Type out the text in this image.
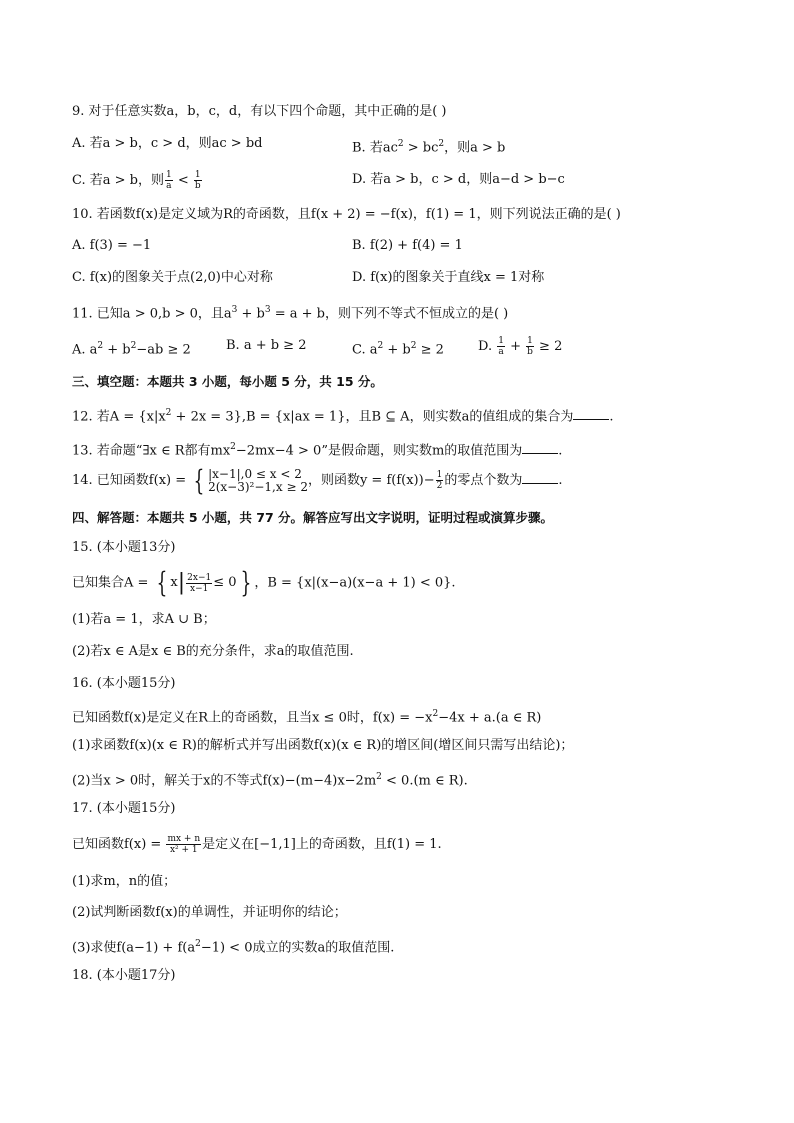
9. 对于任意实数a，b，c，d，有以下四个命题，其中正确的是( )
A. 若a > b，c > d，则ac > bd	B. 若$ac^2 > bc^2$，则a > b
C. 若a > b，则 $\frac{1}{a} < \frac{1}{b}$	D. 若a > b，c > d，则a−d > b−c
10. 若函数f(x)是定义域为R的奇函数，且f(x + 2) = −f(x)，f(1) = 1，则下列说法正确的是( )
A. f(3) = −1	B. f(2) + f(4) = 1
C. f(x)的图象关于点(2,0)中心对称	D. f(x)的图象关于直线x = 1对称
11. 已知a > 0,b > 0，且$a^3 + b^3 = a + b$，则下列不等式不恒成立的是( )
A. $a^2 + b^2-ab \ge 2$	B. a + b ≥ 2	C. $a^2 + b^2 \ge 2$	D. $\frac{1}{a} + \frac{1}{b} \ge 2$
三、填空题：本题共 3 小题，每小题 5 分，共 15 分。
12. 若$A = \{x|x^2 + 2x = 3\},B = \{x|ax = 1\}$，且B ⊆ A，则实数a的值组成的集合为	.
13. 若命题“∃x ∈ R都有$mx^2-2mx-4 > 0$”是假命题，则实数m的取值范围为	.
14. 已知函数f(x) = { |x−1|,0 ≤ x < 2
2(x−3)²−1,x ≥ 2 ，则函数$y = f(f(x))- \frac{1}{2}$ 的零点个数为	.
四、解答题：本题共 5 小题，共 77 分。解答应写出文字说明，证明过程或演算步骤。
15. (本小题13分)
已知集合A = { x | $\frac{2x-1}{x-1} \le 0$ } ，B = {x|(x−a)(x−a + 1) < 0}.
(1)若a = 1，求A ∪ B；
(2)若x ∈ A是x ∈ B的充分条件，求a的取值范围.
16. (本小题15分)
已知函数f(x)是定义在R上的奇函数，且当x ≤ 0时，$f(x) = -x^2-4x + a.(a$ ∈ R)
(1)求函数f(x)(x ∈ R)的解析式并写出函数f(x)(x ∈ R)的增区间(增区间只需写出结论)；
(2)当x > 0时，解关于x的不等式$f(x)-(m-4)x-2m^2 < 0.(m$ ∈ R).
17. (本小题15分)
已知函数$f(x) = \frac{mx + n}{\text{x² + 1}}$ 是定义在[−1,1]上的奇函数，且f(1) = 1.
(1)求m，n的值；
(2)试判断函数f(x)的单调性，并证明你的结论；
(3)求使$f(a-1) + f(a^2-1) < 0$成立的实数a的取值范围.
18. (本小题17分)
